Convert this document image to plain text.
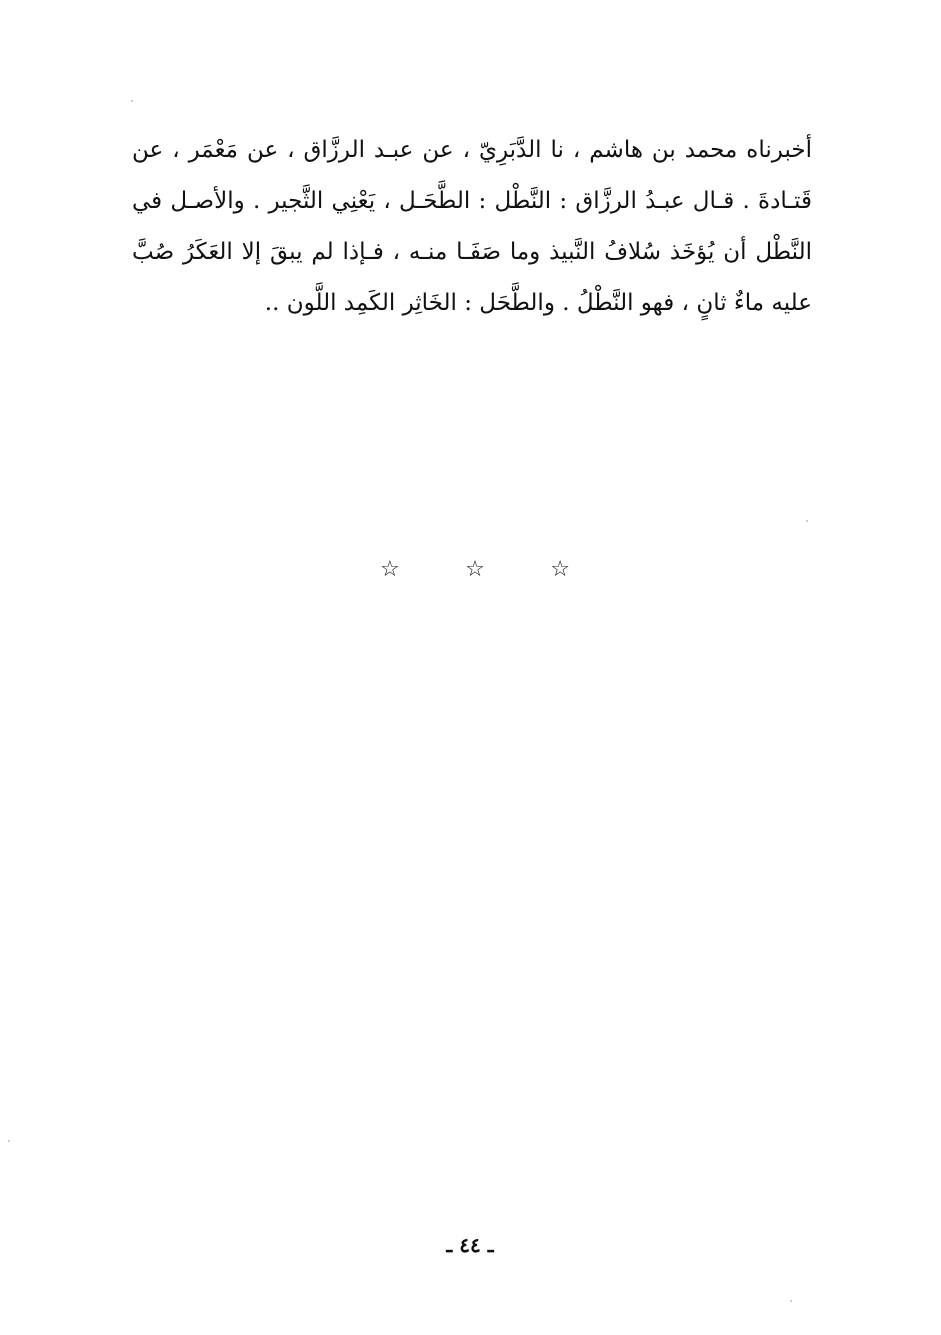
أخبرناه محمد بن هاشم ، نا الدَّبَرِيّ ، عن عبـد الرزَّاق ، عن مَعْمَر ، عن
قَتـادةَ . قـال عبـدُ الرزَّاق : النَّطْل : الطَّحَـل ، يَعْنِي الثَّجير . والأصـل في
النَّطْل أن يُؤخَذ سُلافُ النَّبيذ وما صَفَـا منـه ، فـإذا لم يبقَ إلا العَكَرُ صُبَّ
عليه ماءٌ ثانٍ ، فهو النَّطْلُ . والطَّحَل : الخَاثِر الكَمِد اللَّون ..
☆	☆	☆
ـ ٤٤ ـ
